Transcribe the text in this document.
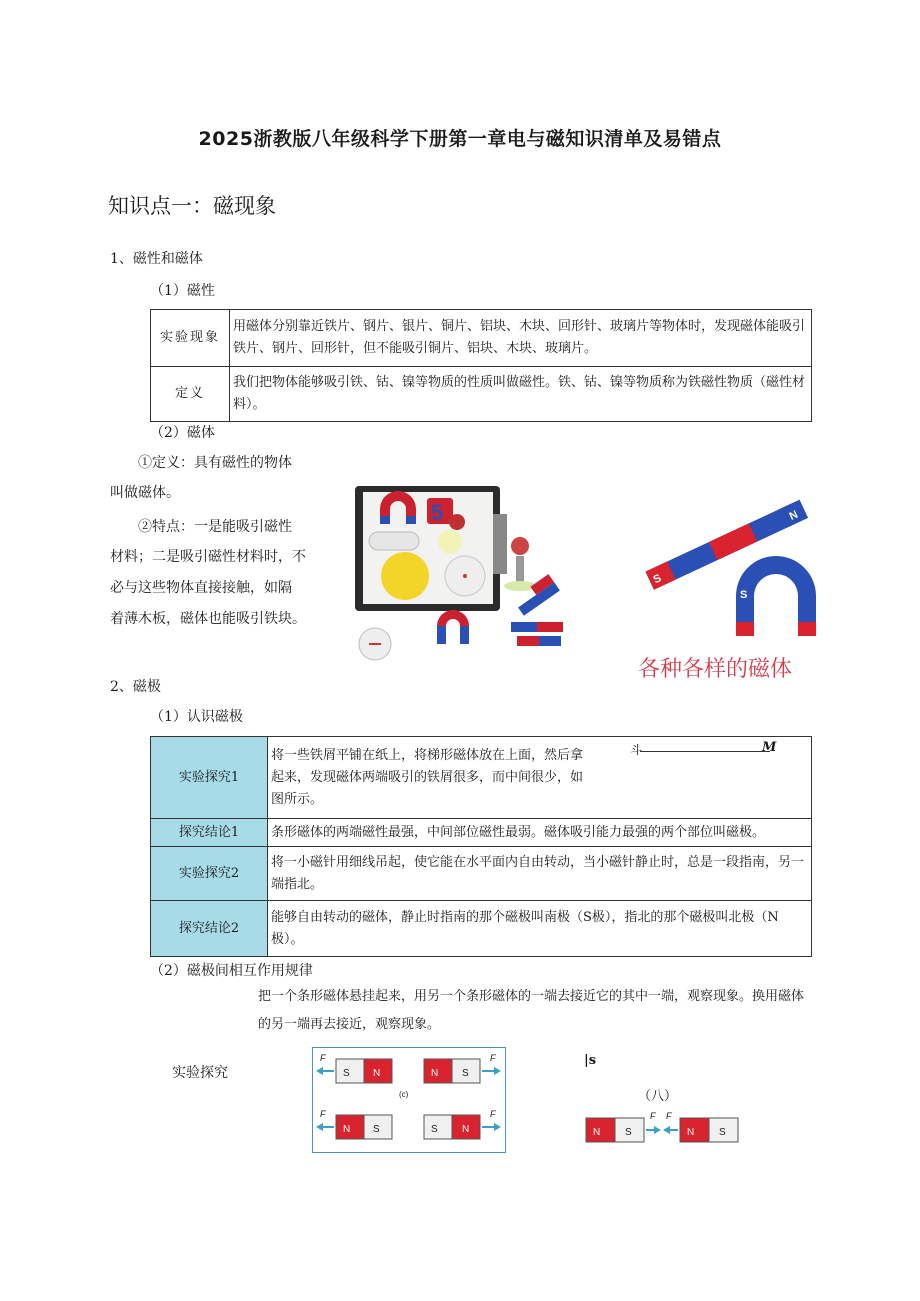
2025浙教版八年级科学下册第一章电与磁知识清单及易错点
知识点一：磁现象
1、磁性和磁体
（1）磁性
实验现象	用磁体分别靠近铁片、钢片、银片、铜片、铝块、木块、回形针、玻璃片等物体时，发现磁体能吸引铁片、钢片、回形针，但不能吸引铜片、铝块、木块、玻璃片。
定义	我们把物体能够吸引铁、钴、镍等物质的性质叫做磁性。铁、钴、镍等物质称为铁磁性物质（磁性材料）。
（2）磁体
①定义：具有磁性的物体
叫做磁体。
②特点：一是能吸引磁性
材料；二是吸引磁性材料时，不
必与这些物体直接接触，如隔
着薄木板，磁体也能吸引铁块。
5
S
N
S
各种各样的磁体
2、磁极
（1）认识磁极
实验探究1	将一些铁屑平铺在纸上，将梯形磁体放在上面，然后拿
起来，发现磁体两端吸引的铁屑很多，而中间很少，如
图所示。
斗 M

探究结论1	条形磁体的两端磁性最强，中间部位磁性最弱。磁体吸引能力最强的两个部位叫磁极。
实验探究2	将一小磁针用细线吊起，使它能在水平面内自由转动，当小磁针静止时，总是一段指南，另一
端指北。

探究结论2	能够自由转动的磁体，静止时指南的那个磁极叫南极（S极），指北的那个磁极叫北极（N
极）。
（2）磁极间相互作用规律
把一个条形磁体悬挂起来，用另一个条形磁体的一端去接近它的其中一端，观察现象。换用磁体
的另一端再去接近，观察现象。
实验探究	S N
F
N S
F
(c)
N S
F
S N
F
|s
（八）
N S
F F
N S
